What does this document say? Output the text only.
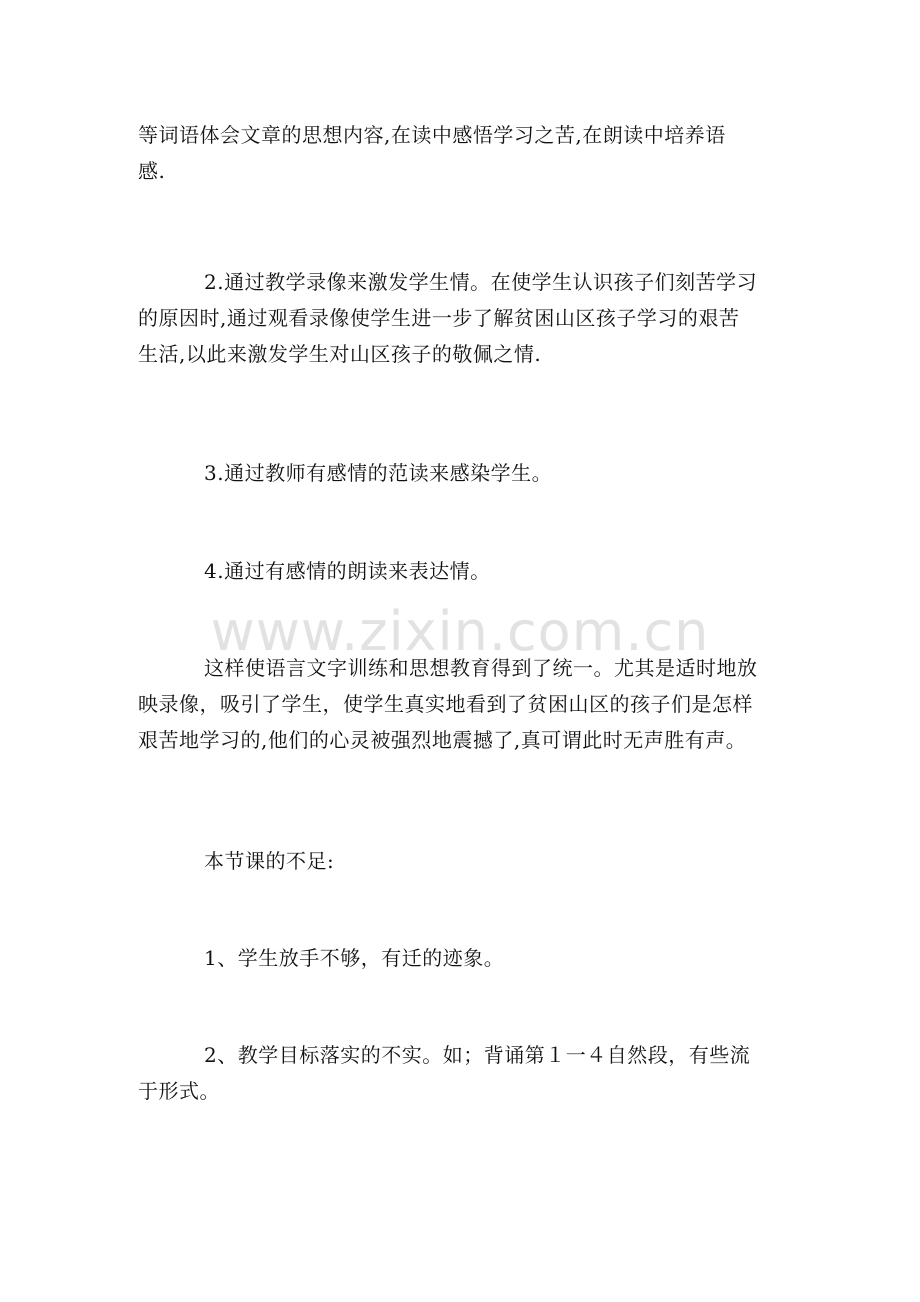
等词语体会文章的思想内容,在读中感悟学习之苦,在朗读中培养语
感.

2.通过教学录像来激发学生情。在使学生认识孩子们刻苦学习
的原因时,通过观看录像使学生进一步了解贫困山区孩子学习的艰苦
生活,以此来激发学生对山区孩子的敬佩之情.

3.通过教师有感情的范读来感染学生。

4.通过有感情的朗读来表达情。

这样使语言文字训练和思想教育得到了统一。尤其是适时地放
映录像，吸引了学生，使学生真实地看到了贫困山区的孩子们是怎样
艰苦地学习的,他们的心灵被强烈地震撼了,真可谓此时无声胜有声。

本节课的不足:

1、学生放手不够，有迁的迹象。

2、教学目标落实的不实。如；背诵第１一４自然段，有些流
于形式。

www.zixin.com.cn
